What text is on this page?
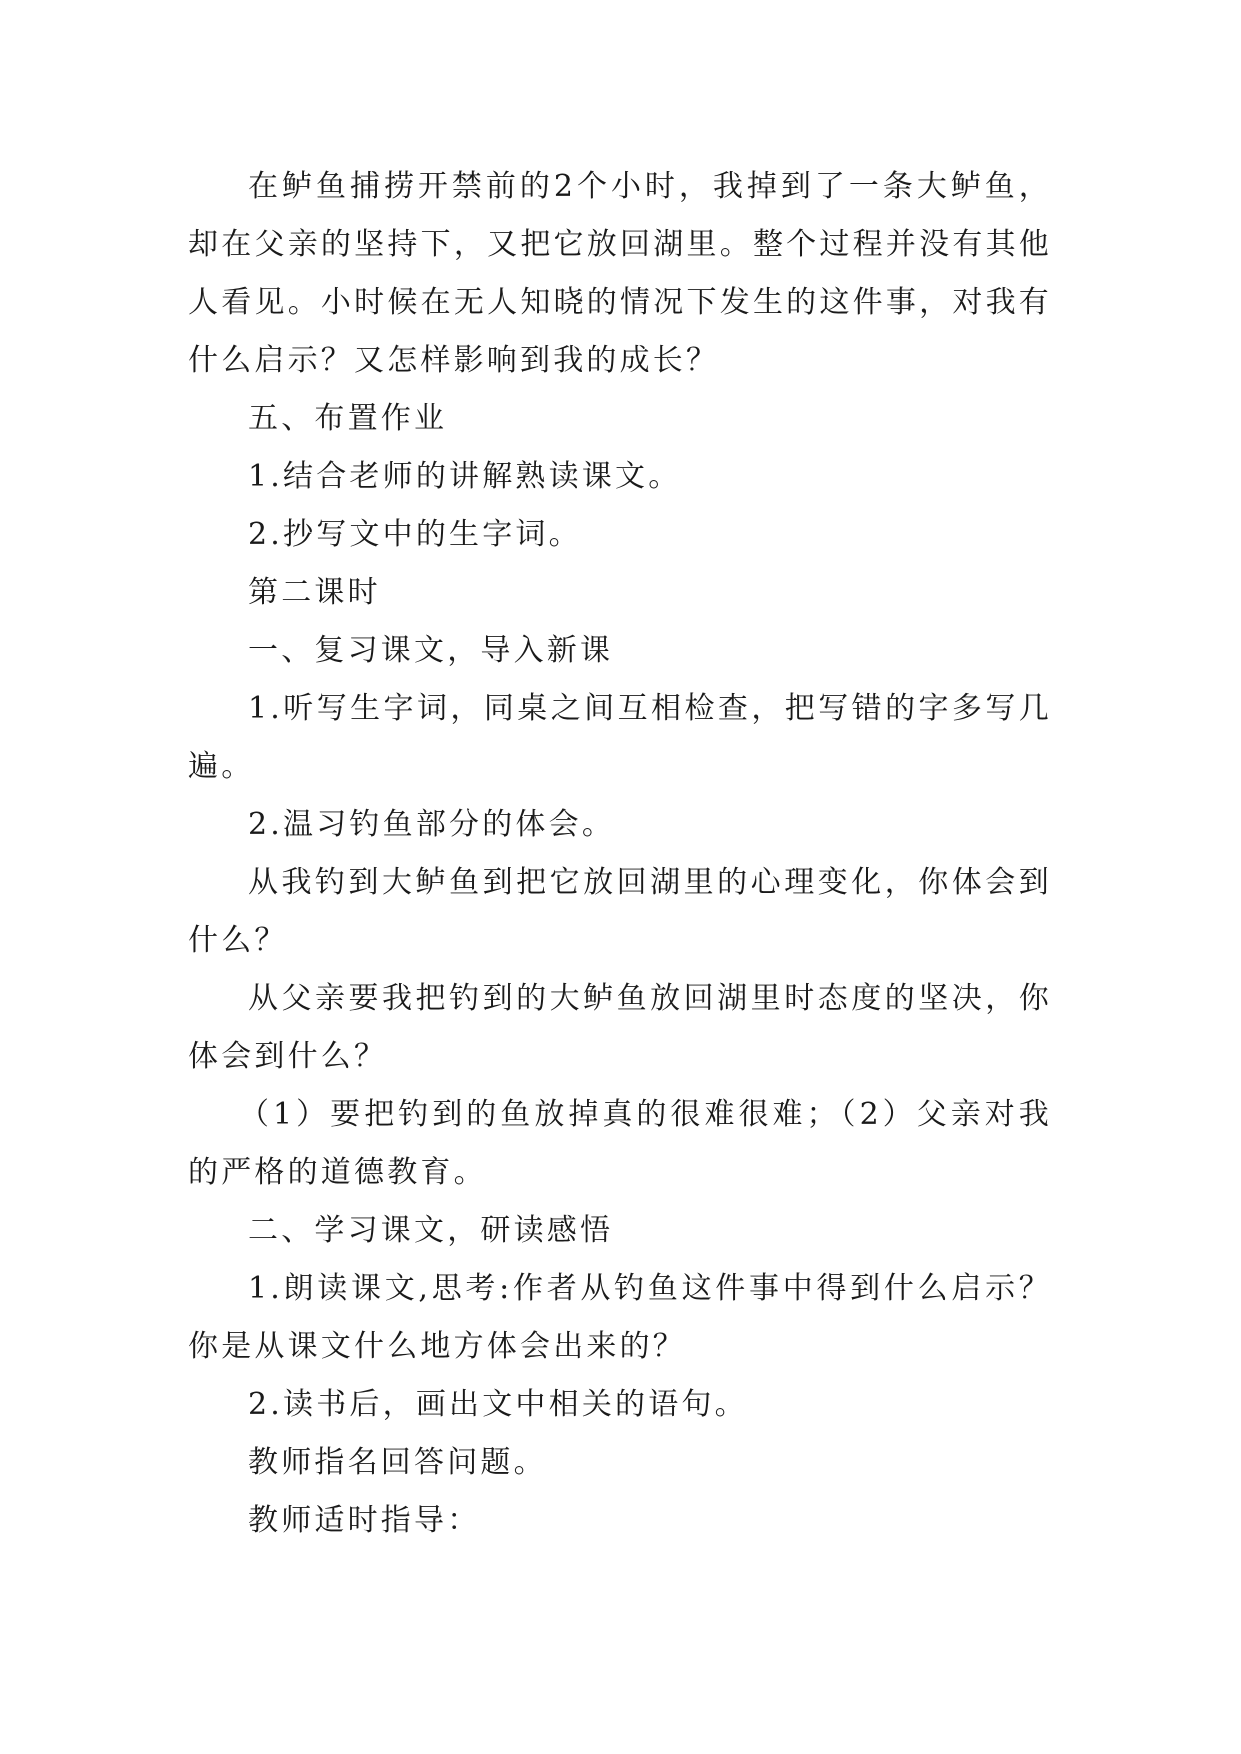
在鲈鱼捕捞开禁前的2个小时，我掉到了一条大鲈鱼，却在父亲的坚持下，又把它放回湖里。整个过程并没有其他人看见。小时候在无人知晓的情况下发生的这件事，对我有什么启示？又怎样影响到我的成长？

五、布置作业

1.结合老师的讲解熟读课文。

2.抄写文中的生字词。

第二课时

一、复习课文，导入新课

1.听写生字词，同桌之间互相检查，把写错的字多写几遍。

2.温习钓鱼部分的体会。

从我钓到大鲈鱼到把它放回湖里的心理变化，你体会到什么？

从父亲要我把钓到的大鲈鱼放回湖里时态度的坚决，你体会到什么？

（1）要把钓到的鱼放掉真的很难很难；（2）父亲对我的严格的道德教育。

二、学习课文，研读感悟

1.朗读课文,思考:作者从钓鱼这件事中得到什么启示？你是从课文什么地方体会出来的？

2.读书后，画出文中相关的语句。

教师指名回答问题。

教师适时指导：
